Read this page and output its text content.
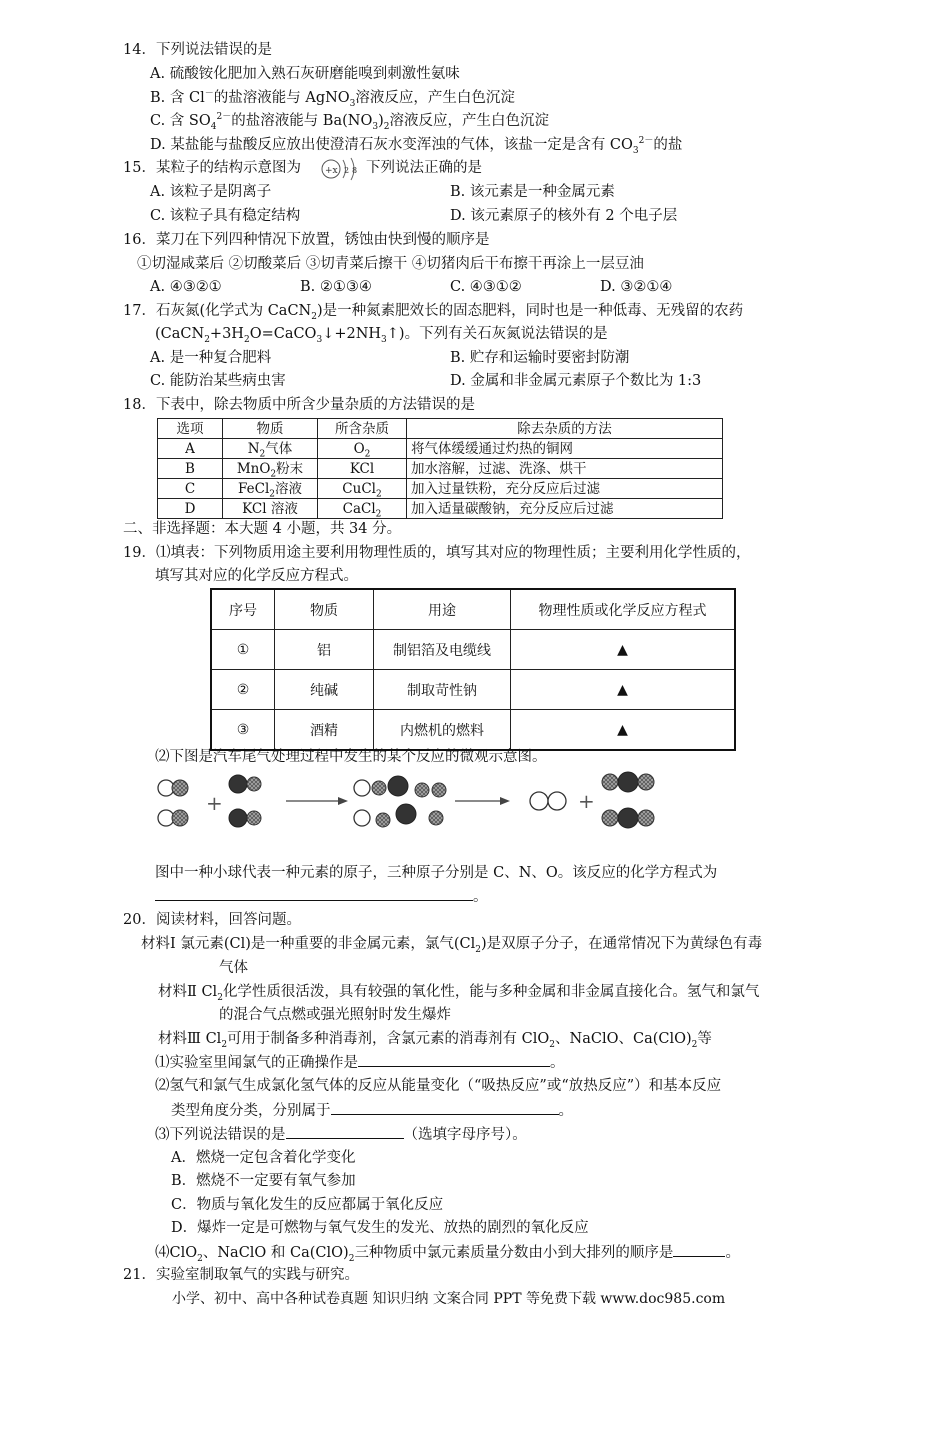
14．下列说法错误的是
A. 硫酸铵化肥加入熟石灰研磨能嗅到刺激性氨味
B. 含 Cl－的盐溶液能与 AgNO$_3$溶液反应，产生白色沉淀
C. 含 $SO_4^{2-}$的盐溶液能与 $Ba(NO_3)_2$溶液反应，产生白色沉淀
D. 某盐能与盐酸反应放出使澄清石灰水变浑浊的气体，该盐一定是含有 $CO_3^{2-}$的盐
15．某粒子的结构示意图为	+x 2 8 下列说法正确的是
A. 该粒子是阴离子	B. 该元素是一种金属元素
C. 该粒子具有稳定结构	D. 该元素原子的核外有 2 个电子层
16．菜刀在下列四种情况下放置，锈蚀由快到慢的顺序是
①切湿咸菜后 ②切酸菜后 ③切青菜后擦干 ④切猪肉后干布擦干再涂上一层豆油
A. ④③②①	B. ②①③④	C. ④③①②	D. ③②①④
17．石灰氮(化学式为 CaCN$_2$)是一种氮素肥效长的固态肥料，同时也是一种低毒、无残留的农药
$(CaCN_2+3H_2O=CaCO_3↓+2NH_3↑)$。下列有关石灰氮说法错误的是
A. 是一种复合肥料	B. 贮存和运输时要密封防潮
C. 能防治某些病虫害	D. 金属和非金属元素原子个数比为 1:3
18．下表中，除去物质中所含少量杂质的方法错误的是
选项	物质	所含杂质	除去杂质的方法
A	$N_2$气体	$O_2$	将气体缓缓通过灼热的铜网
B	MnO$_2$粉末	KCl	加水溶解，过滤、洗涤、烘干
C	FeCl$_2$溶液	CuCl$_2$	加入过量铁粉，充分反应后过滤
D	KCl 溶液	CaCl$_2$	加入适量碳酸钠，充分反应后过滤
二、非选择题：本大题 4 小题，共 34 分。
19．⑴填表：下列物质用途主要利用物理性质的，填写其对应的物理性质；主要利用化学性质的，
填写其对应的化学反应方程式。
序号	物质	用途	物理性质或化学反应方程式
①	铝	制铝箔及电缆线	▲
②	纯碱	制取苛性钠	▲
③	酒精	内燃机的燃料	▲
⑵下图是汽车尾气处理过程中发生的某个反应的微观示意图。
+	+
图中一种小球代表一种元素的原子，三种原子分别是 C、N、O。该反应的化学方程式为
。
20．阅读材料，回答问题。
材料Ⅰ 氯元素(Cl)是一种重要的非金属元素，氯气$(Cl_2)$是双原子分子，在通常情况下为黄绿色有毒
气体
材料Ⅱ $Cl_2$化学性质很活泼，具有较强的氧化性，能与多种金属和非金属直接化合。氢气和氯气
的混合气点燃或强光照射时发生爆炸
材料Ⅲ $Cl_2$可用于制备多种消毒剂，含氯元素的消毒剂有 ClO$_2$、NaClO、$Ca(ClO)_2$等
⑴实验室里闻氯气的正确操作是	。
⑵氢气和氯气生成氯化氢气体的反应从能量变化（“吸热反应”或“放热反应”）和基本反应
类型角度分类，分别属于	。
⑶下列说法错误的是	（选填字母序号）。
A．燃烧一定包含着化学变化
B．燃烧不一定要有氧气参加
C．物质与氧化发生的反应都属于氧化反应
D．爆炸一定是可燃物与氧气发生的发光、放热的剧烈的氧化反应
⑷ClO$_2$、NaClO 和 $Ca(ClO)_2$三种物质中氯元素质量分数由小到大排列的顺序是	。
21．实验室制取氧气的实践与研究。
小学、初中、高中各种试卷真题 知识归纳 文案合同 PPT 等免费下载 www.doc985.com
